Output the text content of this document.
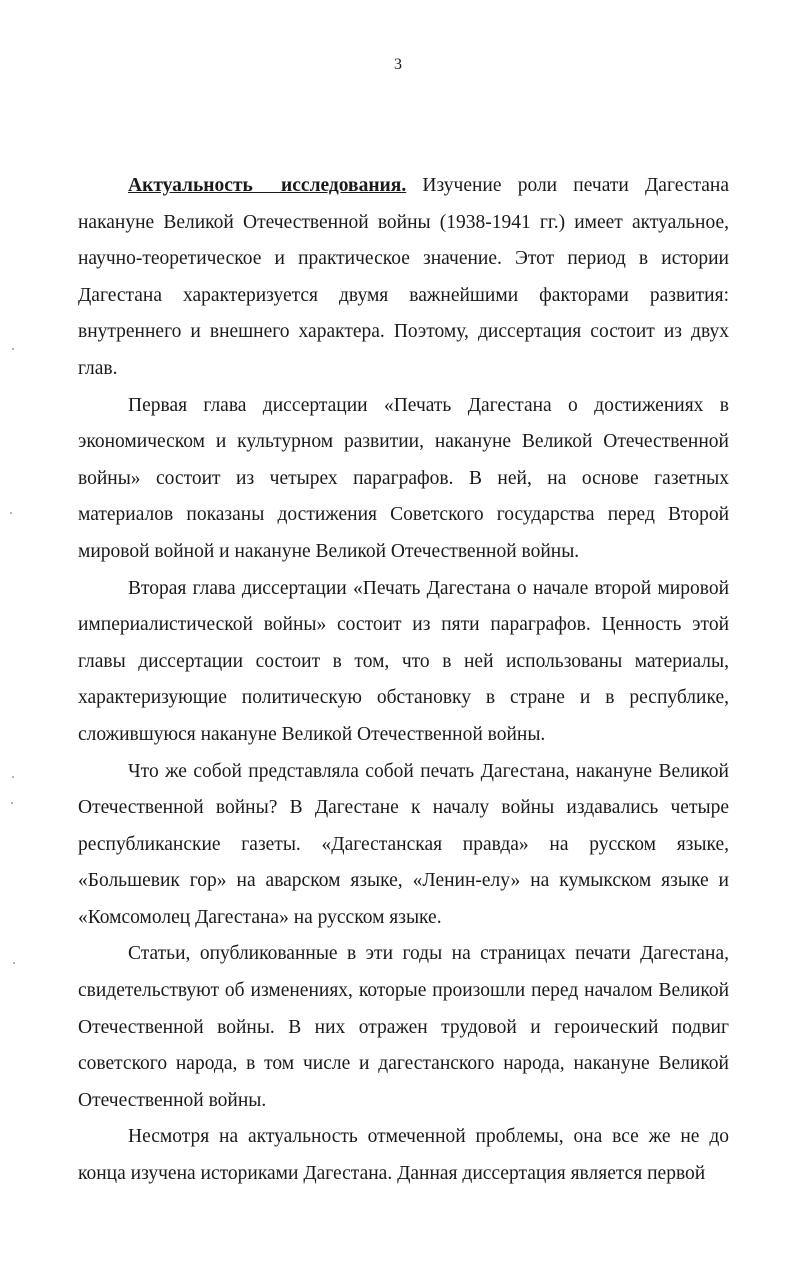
3

Актуальность исследования. Изучение роли печати Дагестана накануне Великой Отечественной войны (1938-1941 гг.) имеет актуальное, научно-теоретическое и практическое значение. Этот период в истории Дагестана характеризуется двумя важнейшими факторами развития: внутреннего и внешнего характера. Поэтому, диссертация состоит из двух глав.

Первая глава диссертации «Печать Дагестана о достижениях в экономическом и культурном развитии, накануне Великой Отечественной войны» состоит из четырех параграфов. В ней, на основе газетных материалов показаны достижения Советского государства перед Второй мировой войной и накануне Великой Отечественной войны.

Вторая глава диссертации «Печать Дагестана о начале второй мировой империалистической войны» состоит из пяти параграфов. Ценность этой главы диссертации состоит в том, что в ней использованы материалы, характеризующие политическую обстановку в стране и в республике, сложившуюся накануне Великой Отечественной войны.

Что же собой представляла собой печать Дагестана, накануне Великой Отечественной войны? В Дагестане к началу войны издавались четыре республиканские газеты. «Дагестанская правда» на русском языке, «Большевик гор» на аварском языке, «Ленин-елу» на кумыкском языке и «Комсомолец Дагестана» на русском языке.

Статьи, опубликованные в эти годы на страницах печати Дагестана, свидетельствуют об изменениях, которые произошли перед началом Великой Отечественной войны. В них отражен трудовой и героический подвиг советского народа, в том числе и дагестанского народа, накануне Великой Отечественной войны.

Несмотря на актуальность отмеченной проблемы, она все же не до конца изучена историками Дагестана. Данная диссертация является первой
